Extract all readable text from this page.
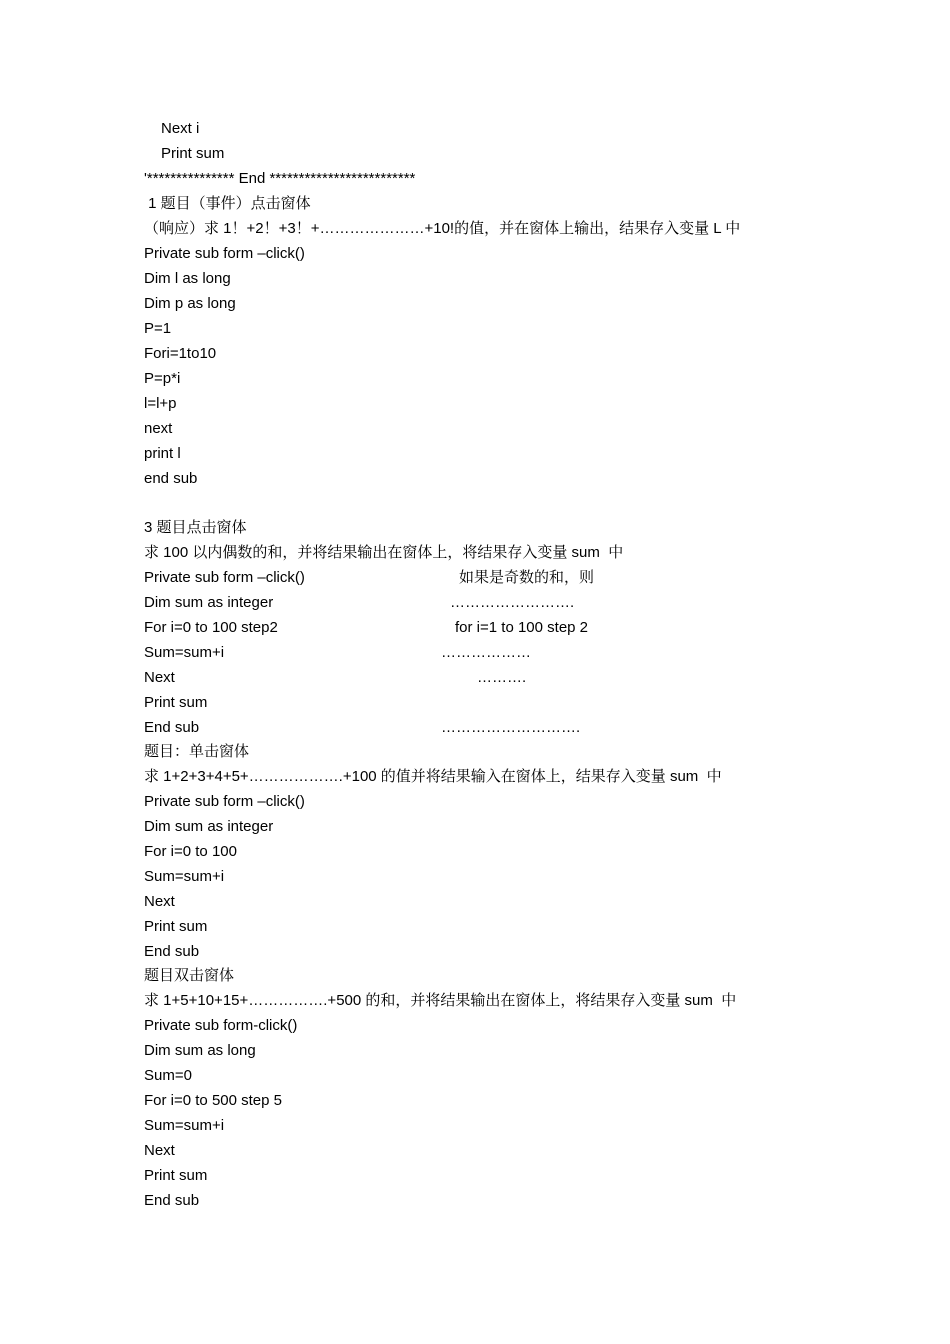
Next i
Print sum
'*************** End *************************
1 题目（事件）点击窗体
（响应）求 1！+2！+3！+…………………+10!的值，并在窗体上输出，结果存入变量 L 中
Private sub form –click()
Dim l as long
Dim p as long
P=1
Fori=1to10
P=p*i
l=l+p
next
print l
end sub
3 题目点击窗体
求 100 以内偶数的和，并将结果输出在窗体上，将结果存入变量 sum  中
Private sub form –click()
Dim sum as integer
For i=0 to 100 step2
Sum=sum+i
Next
Print sum
End sub
如果是奇数的和，则
…………………….
for i=1 to 100 step 2
………………
……….
……………………….
题目：单击窗体
求 1+2+3+4+5+……………….+100 的值并将结果输入在窗体上，结果存入变量 sum  中
Private sub form –click()
Dim sum as integer
For i=0 to 100
Sum=sum+i
Next
Print sum
End sub
题目双击窗体
求 1+5+10+15+…………….+500 的和，并将结果输出在窗体上，将结果存入变量 sum  中
Private sub form-click()
Dim sum as long
Sum=0
For i=0 to 500 step 5
Sum=sum+i
Next
Print sum
End sub
